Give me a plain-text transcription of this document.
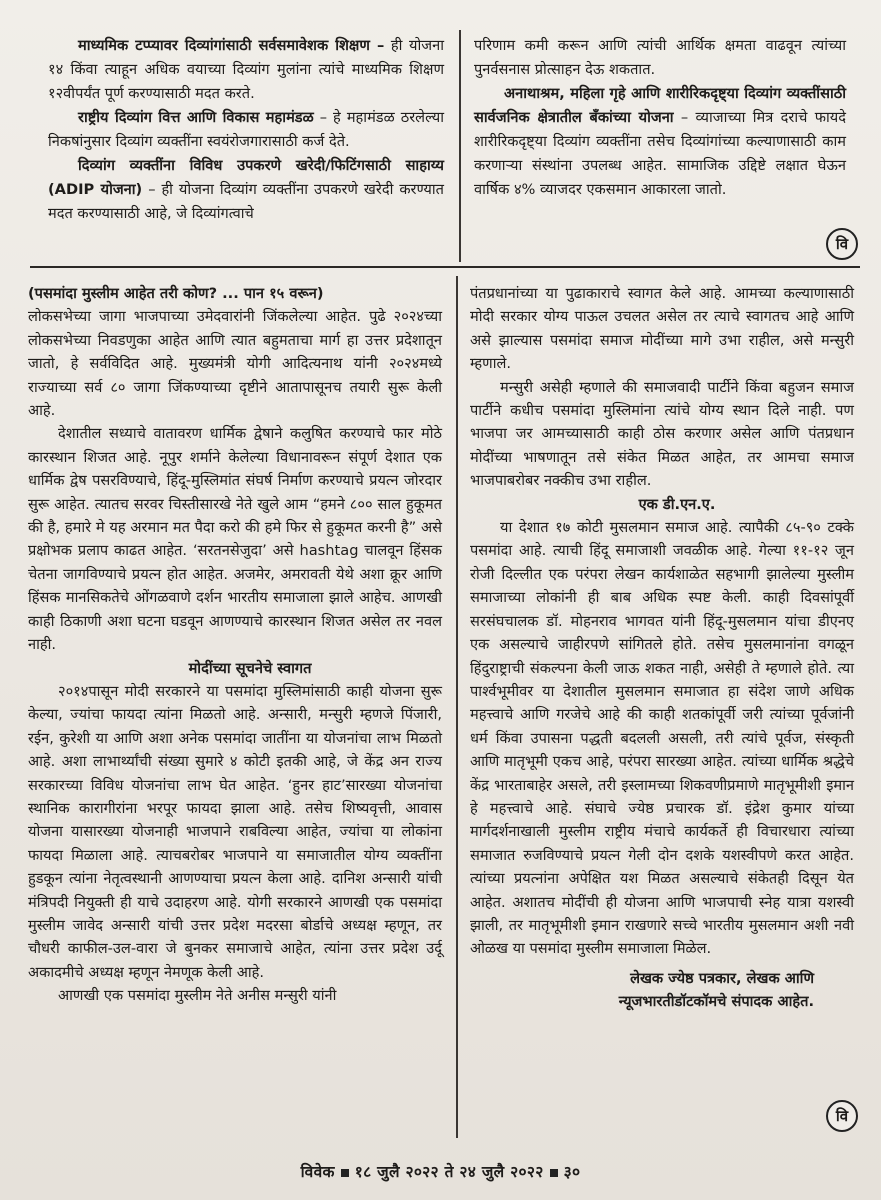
माध्यमिक टप्प्यावर दिव्यांगांसाठी सर्वसमावेशक शिक्षण – ही योजना १४ किंवा त्याहून अधिक वयाच्या दिव्यांग मुलांना त्यांचे माध्यमिक शिक्षण १२वीपर्यंत पूर्ण करण्यासाठी मदत करते.

राष्ट्रीय दिव्यांग वित्त आणि विकास महामंडळ – हे महामंडळ ठरलेल्या निकषांनुसार दिव्यांग व्यक्तींना स्वयंरोजगारासाठी कर्ज देते.

दिव्यांग व्यक्तींना विविध उपकरणे खरेदी/फिटिंगसाठी साहाय्य (ADIP योजना) – ही योजना दिव्यांग व्यक्तींना उपकरणे खरेदी करण्यात मदत करण्यासाठी आहे, जे दिव्यांगत्वाचे

परिणाम कमी करून आणि त्यांची आर्थिक क्षमता वाढवून त्यांच्या पुनर्वसनास प्रोत्साहन देऊ शकतात.

अनाथाश्रम, महिला गृहे आणि शारीरिकदृष्ट्या दिव्यांग व्यक्तींसाठी सार्वजनिक क्षेत्रातील बँकांच्या योजना – व्याजाच्या मित्र दराचे फायदे शारीरिकदृष्ट्या दिव्यांग व्यक्तींना तसेच दिव्यांगांच्या कल्याणासाठी काम करणाऱ्या संस्थांना उपलब्ध आहेत. सामाजिक उद्दिष्टे लक्षात घेऊन वार्षिक ४% व्याजदर एकसमान आकारला जातो.

वि

(पसमांदा मुस्लीम आहेत तरी कोण? ... पान १५ वरून)

लोकसभेच्या जागा भाजपाच्या उमेदवारांनी जिंकलेल्या आहेत. पुढे २०२४च्या लोकसभेच्या निवडणुका आहेत आणि त्यात बहुमताचा मार्ग हा उत्तर प्रदेशातून जातो, हे सर्वविदित आहे. मुख्यमंत्री योगी आदित्यनाथ यांनी २०२४मध्ये राज्याच्या सर्व ८० जागा जिंकण्याच्या दृष्टीने आतापासूनच तयारी सुरू केली आहे.

देशातील सध्याचे वातावरण धार्मिक द्वेषाने कलुषित करण्याचे फार मोठे कारस्थान शिजत आहे. नूपुर शर्माने केलेल्या विधानावरून संपूर्ण देशात एक धार्मिक द्वेष पसरविण्याचे, हिंदू-मुस्लिमांत संघर्ष निर्माण करण्याचे प्रयत्न जोरदार सुरू आहेत. त्यातच सरवर चिस्तीसारखे नेते खुले आम “हमने ८०० साल हुकूमत की है, हमारे मे यह अरमान मत पैदा करो की हमे फिर से हुकूमत करनी है” असे प्रक्षोभक प्रलाप काढत आहेत. ‘सरतनसेजुदा’ असे hashtag चालवून हिंसक चेतना जागविण्याचे प्रयत्न होत आहेत. अजमेर, अमरावती येथे अशा क्रूर आणि हिंसक मानसिकतेचे ओंगळवाणे दर्शन भारतीय समाजाला झाले आहेच. आणखी काही ठिकाणी अशा घटना घडवून आणण्याचे कारस्थान शिजत असेल तर नवल नाही.

मोदींच्या सूचनेचे स्वागत

२०१४पासून मोदी सरकारने या पसमांदा मुस्लिमांसाठी काही योजना सुरू केल्या, ज्यांचा फायदा त्यांना मिळतो आहे. अन्सारी, मन्सुरी म्हणजे पिंजारी, रईन, कुरेशी या आणि अशा अनेक पसमांदा जातींना या योजनांचा लाभ मिळतो आहे. अशा लाभार्थ्यांची संख्या सुमारे ४ कोटी इतकी आहे, जे केंद्र अन राज्य सरकारच्या विविध योजनांचा लाभ घेत आहेत. ‘हुनर हाट’सारख्या योजनांचा स्थानिक कारागीरांना भरपूर फायदा झाला आहे. तसेच शिष्यवृत्ती, आवास योजना यासारख्या योजनाही भाजपाने राबविल्या आहेत, ज्यांचा या लोकांना फायदा मिळाला आहे. त्याचबरोबर भाजपाने या समाजातील योग्य व्यक्तींना हुडकून त्यांना नेतृत्वस्थानी आणण्याचा प्रयत्न केला आहे. दानिश अन्सारी यांची मंत्रिपदी नियुक्ती ही याचे उदाहरण आहे. योगी सरकारने आणखी एक पसमांदा मुस्लीम जावेद अन्सारी यांची उत्तर प्रदेश मदरसा बोर्डाचे अध्यक्ष म्हणून, तर चौधरी काफील-उल-वारा जे बुनकर समाजाचे आहेत, त्यांना उत्तर प्रदेश उर्दू अकादमीचे अध्यक्ष म्हणून नेमणूक केली आहे.

आणखी एक पसमांदा मुस्लीम नेते अनीस मन्सुरी यांनी

पंतप्रधानांच्या या पुढाकाराचे स्वागत केले आहे. आमच्या कल्याणासाठी मोदी सरकार योग्य पाऊल उचलत असेल तर त्याचे स्वागतच आहे आणि असे झाल्यास पसमांदा समाज मोदींच्या मागे उभा राहील, असे मन्सुरी म्हणाले.

मन्सुरी असेही म्हणाले की समाजवादी पार्टीने किंवा बहुजन समाज पार्टीने कधीच पसमांदा मुस्लिमांना त्यांचे योग्य स्थान दिले नाही. पण भाजपा जर आमच्यासाठी काही ठोस करणार असेल आणि पंतप्रधान मोदींच्या भाषणातून तसे संकेत मिळत आहेत, तर आमचा समाज भाजपाबरोबर नक्कीच उभा राहील.

एक डी.एन.ए.

या देशात १७ कोटी मुसलमान समाज आहे. त्यापैकी ८५-९० टक्के पसमांदा आहे. त्याची हिंदू समाजाशी जवळीक आहे. गेल्या ११-१२ जून रोजी दिल्लीत एक परंपरा लेखन कार्यशाळेत सहभागी झालेल्या मुस्लीम समाजाच्या लोकांनी ही बाब अधिक स्पष्ट केली. काही दिवसांपूर्वी सरसंघचालक डॉ. मोहनराव भागवत यांनी हिंदू-मुसलमान यांचा डीएनए एक असल्याचे जाहीरपणे सांगितले होते. तसेच मुसलमानांना वगळून हिंदुराष्ट्राची संकल्पना केली जाऊ शकत नाही, असेही ते म्हणाले होते. त्या पार्श्वभूमीवर या देशातील मुसलमान समाजात हा संदेश जाणे अधिक महत्त्वाचे आणि गरजेचे आहे की काही शतकांपूर्वी जरी त्यांच्या पूर्वजांनी धर्म किंवा उपासना पद्धती बदलली असली, तरी त्यांचे पूर्वज, संस्कृती आणि मातृभूमी एकच आहे, परंपरा सारख्या आहेत. त्यांच्या धार्मिक श्रद्धेचे केंद्र भारताबाहेर असले, तरी इस्लामच्या शिकवणीप्रमाणे मातृभूमीशी इमान हे महत्त्वाचे आहे. संघाचे ज्येष्ठ प्रचारक डॉ. इंद्रेश कुमार यांच्या मार्गदर्शनाखाली मुस्लीम राष्ट्रीय मंचाचे कार्यकर्ते ही विचारधारा त्यांच्या समाजात रुजविण्याचे प्रयत्न गेली दोन दशके यशस्वीपणे करत आहेत. त्यांच्या प्रयत्नांना अपेक्षित यश मिळत असल्याचे संकेतही दिसून येत आहेत. अशातच मोदींची ही योजना आणि भाजपाची स्नेह यात्रा यशस्वी झाली, तर मातृभूमीशी इमान राखणारे सच्चे भारतीय मुसलमान अशी नवी ओळख या पसमांदा मुस्लीम समाजाला मिळेल.

लेखक ज्येष्ठ पत्रकार, लेखक आणि

न्यूजभारतीडॉटकॉमचे संपादक आहेत.

वि
विवेक १८ जुलै २०२२ ते २४ जुलै २०२२ ३०
